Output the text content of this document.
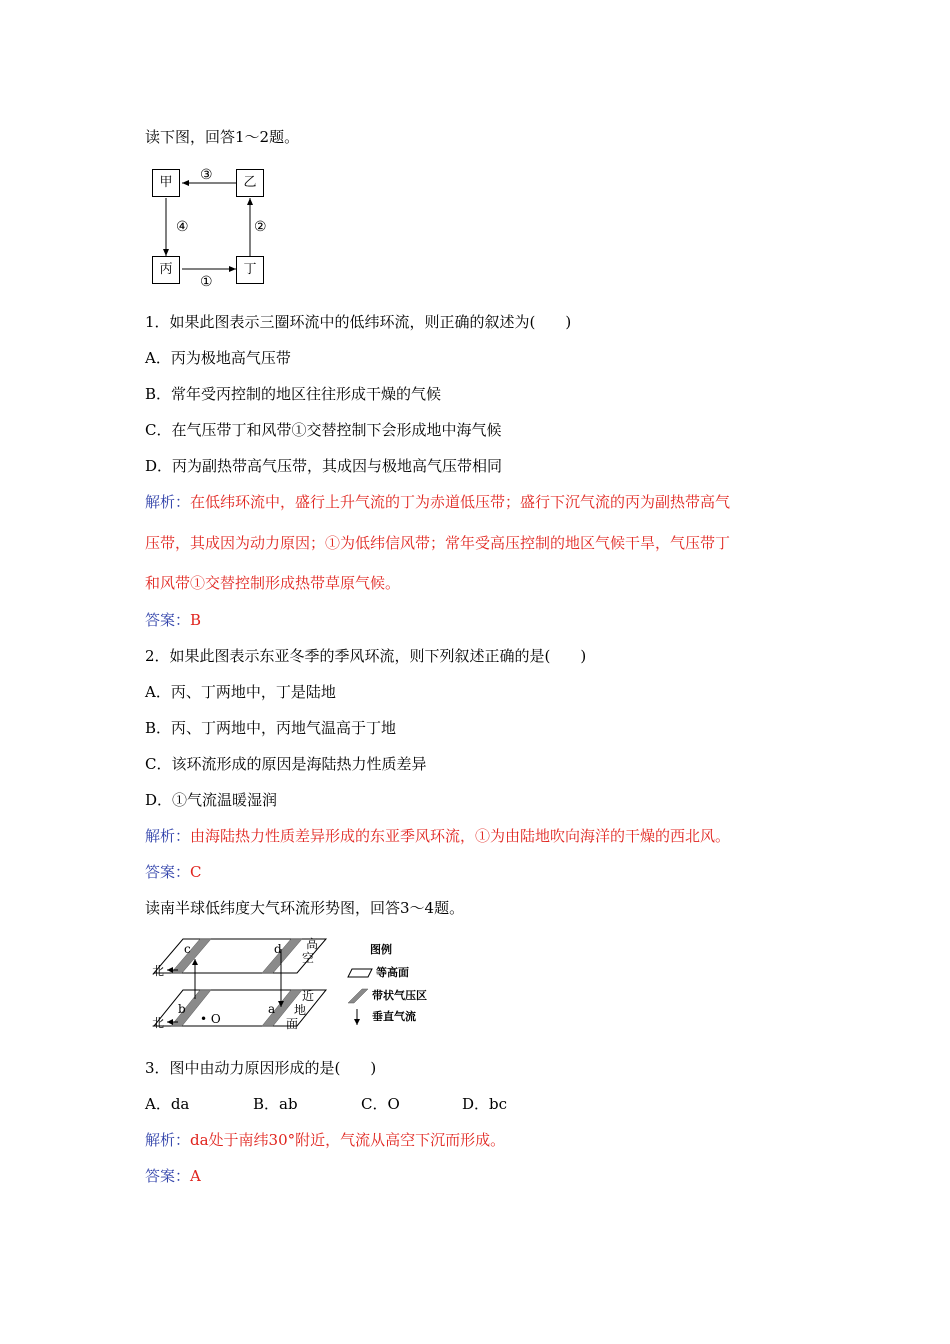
读下图，回答1～2题。
甲	乙
丙	丁
③
④	②
①
1．如果此图表示三圈环流中的低纬环流，则正确的叙述为(　　)
A．丙为极地高气压带
B．常年受丙控制的地区往往形成干燥的气候
C．在气压带丁和风带①交替控制下会形成地中海气候
D．丙为副热带高气压带，其成因与极地高气压带相同
解析：在低纬环流中，盛行上升气流的丁为赤道低压带；盛行下沉气流的丙为副热带高气
压带，其成因为动力原因；①为低纬信风带；常年受高压控制的地区气候干旱，气压带丁
和风带①交替控制形成热带草原气候。
答案：B
2．如果此图表示东亚冬季的季风环流，则下列叙述正确的是(　　)
A．丙、丁两地中，丁是陆地
B．丙、丁两地中，丙地气温高于丁地
C．该环流形成的原因是海陆热力性质差异
D．①气流温暖湿润
解析：由海陆热力性质差异形成的东亚季风环流，①为由陆地吹向海洋的干燥的西北风。
答案：C
读南半球低纬度大气环流形势图，回答3～4题。
c	d
b	a
• O
北
北
高
空
近
地
面
图例
等高面
带状气压区
垂直气流
3．图中由动力原因形成的是(　　)
A．da	B．ab	C．O	D．bc
解析：da处于南纬30°附近，气流从高空下沉而形成。
答案：A
